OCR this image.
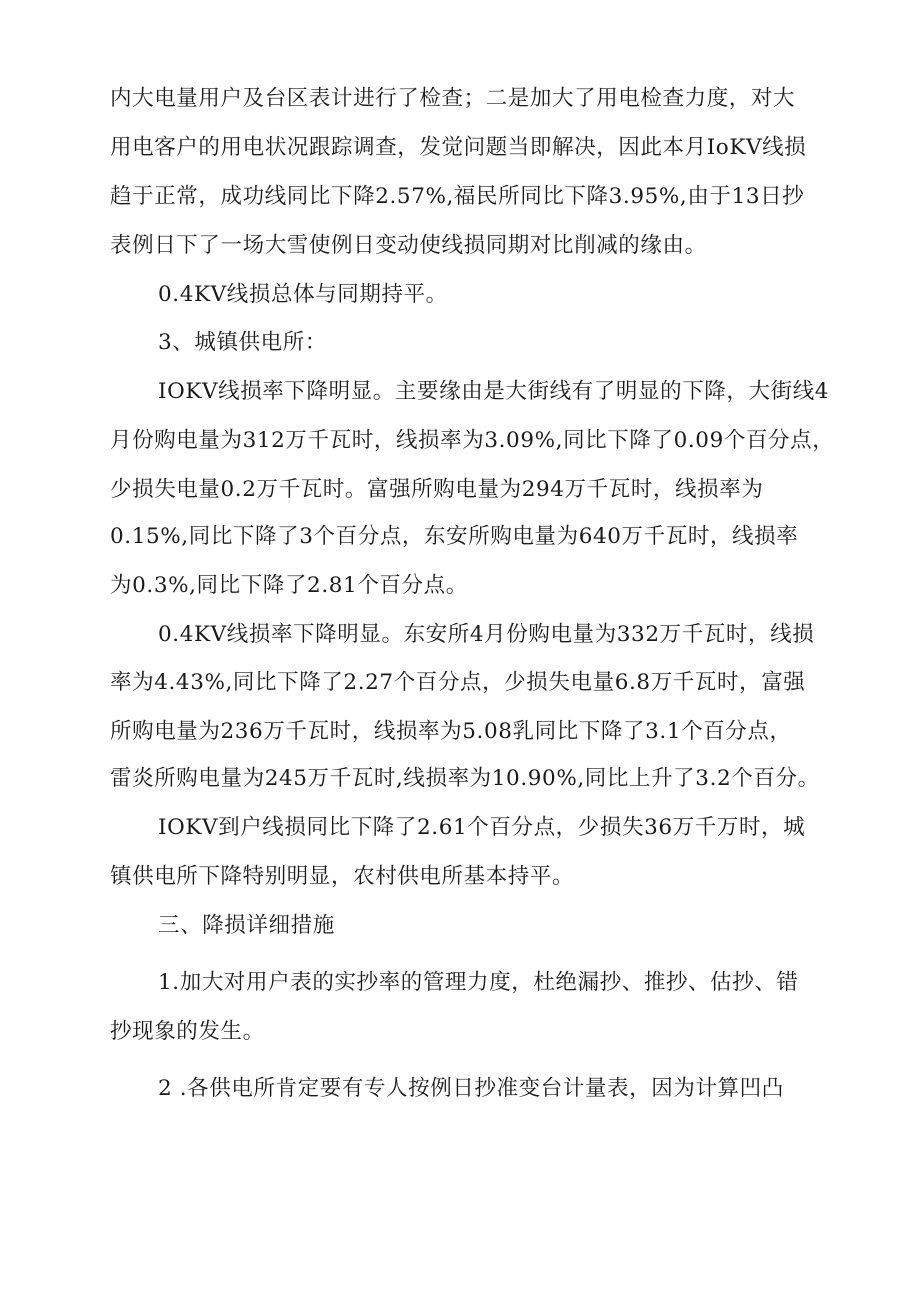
内大电量用户及台区表计进行了检查；二是加大了用电检查力度，对大
用电客户的用电状况跟踪调查，发觉问题当即解决，因此本月IoKV线损
趋于正常，成功线同比下降2.57%,福民所同比下降3.95%,由于13日抄
表例日下了一场大雪使例日变动使线损同期对比削减的缘由。
0.4KV线损总体与同期持平。
3、城镇供电所：
IOKV线损率下降明显。主要缘由是大街线有了明显的下降，大街线4
月份购电量为312万千瓦时，线损率为3.09%,同比下降了0.09个百分点，
少损失电量0.2万千瓦时。富强所购电量为294万千瓦时，线损率为
0.15%,同比下降了3个百分点，东安所购电量为640万千瓦时，线损率
为0.3%,同比下降了2.81个百分点。
0.4KV线损率下降明显。东安所4月份购电量为332万千瓦时，线损
率为4.43%,同比下降了2.27个百分点，少损失电量6.8万千瓦时，富强
所购电量为236万千瓦时，线损率为5.08乳同比下降了3.1个百分点，
雷炎所购电量为245万千瓦时,线损率为10.90%,同比上升了3.2个百分。
IOKV到户线损同比下降了2.61个百分点，少损失36万千万时，城
镇供电所下降特别明显，农村供电所基本持平。
三、降损详细措施
1.加大对用户表的实抄率的管理力度，杜绝漏抄、推抄、估抄、错
抄现象的发生。
2 .各供电所肯定要有专人按例日抄准变台计量表，因为计算凹凸
